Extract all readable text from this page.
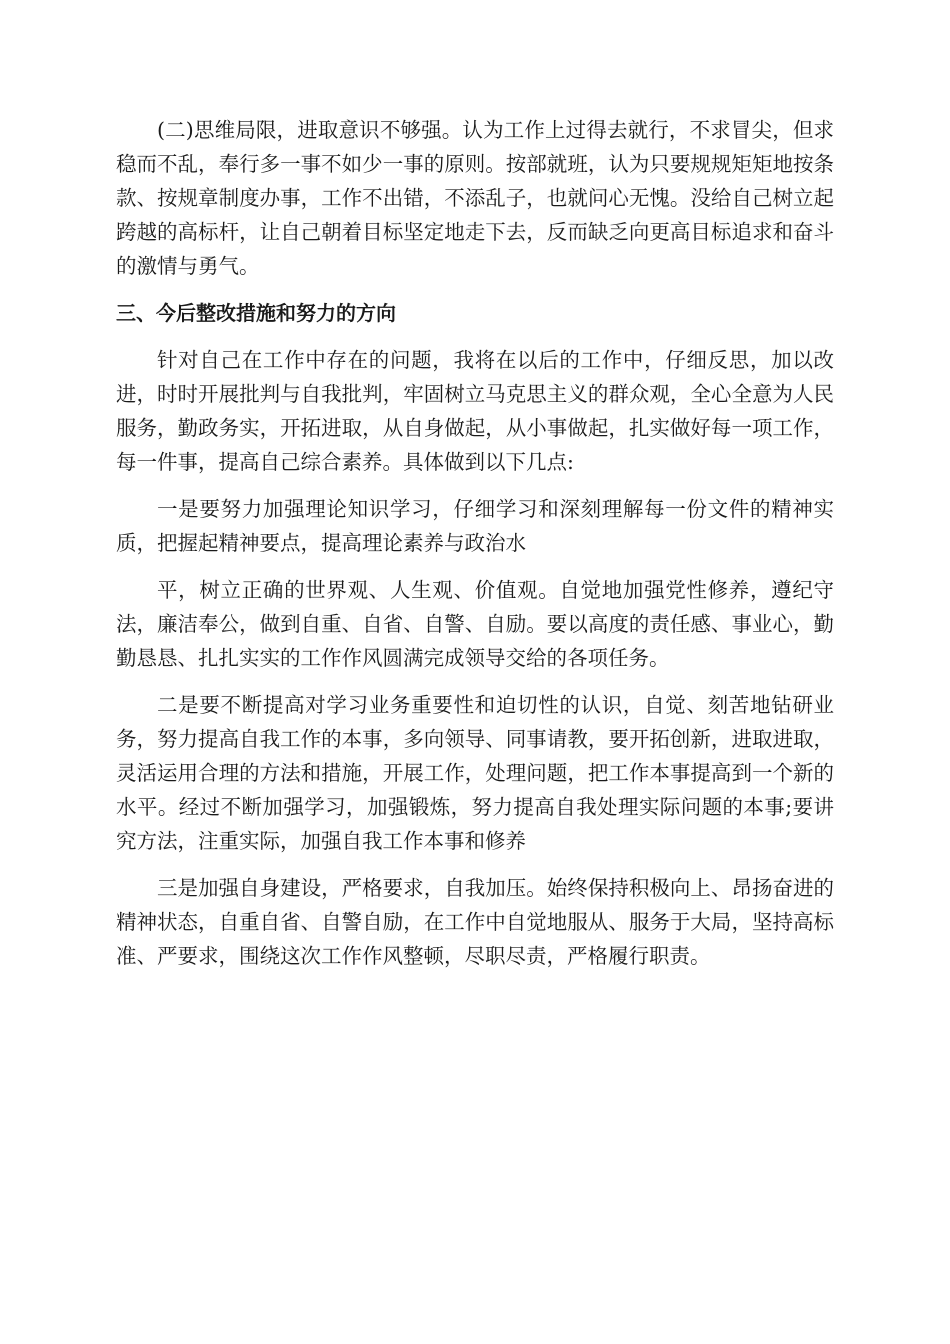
(二)思维局限，进取意识不够强。认为工作上过得去就行，不求冒尖，但求稳而不乱，奉行多一事不如少一事的原则。按部就班，认为只要规规矩矩地按条款、按规章制度办事，工作不出错，不添乱子，也就问心无愧。没给自己树立起跨越的高标杆，让自己朝着目标坚定地走下去，反而缺乏向更高目标追求和奋斗的激情与勇气。

三、今后整改措施和努力的方向

针对自己在工作中存在的问题，我将在以后的工作中，仔细反思，加以改进，时时开展批判与自我批判，牢固树立马克思主义的群众观，全心全意为人民服务，勤政务实，开拓进取，从自身做起，从小事做起，扎实做好每一项工作，每一件事，提高自己综合素养。具体做到以下几点:

一是要努力加强理论知识学习，仔细学习和深刻理解每一份文件的精神实质，把握起精神要点，提高理论素养与政治水

平，树立正确的世界观、人生观、价值观。自觉地加强党性修养，遵纪守法，廉洁奉公，做到自重、自省、自警、自励。要以高度的责任感、事业心，勤勤恳恳、扎扎实实的工作作风圆满完成领导交给的各项任务。

二是要不断提高对学习业务重要性和迫切性的认识，自觉、刻苦地钻研业务，努力提高自我工作的本事，多向领导、同事请教，要开拓创新，进取进取，灵活运用合理的方法和措施，开展工作，处理问题，把工作本事提高到一个新的水平。经过不断加强学习，加强锻炼，努力提高自我处理实际问题的本事;要讲究方法，注重实际，加强自我工作本事和修养

三是加强自身建设，严格要求，自我加压。始终保持积极向上、昂扬奋进的精神状态，自重自省、自警自励，在工作中自觉地服从、服务于大局，坚持高标准、严要求，围绕这次工作作风整顿，尽职尽责，严格履行职责。
